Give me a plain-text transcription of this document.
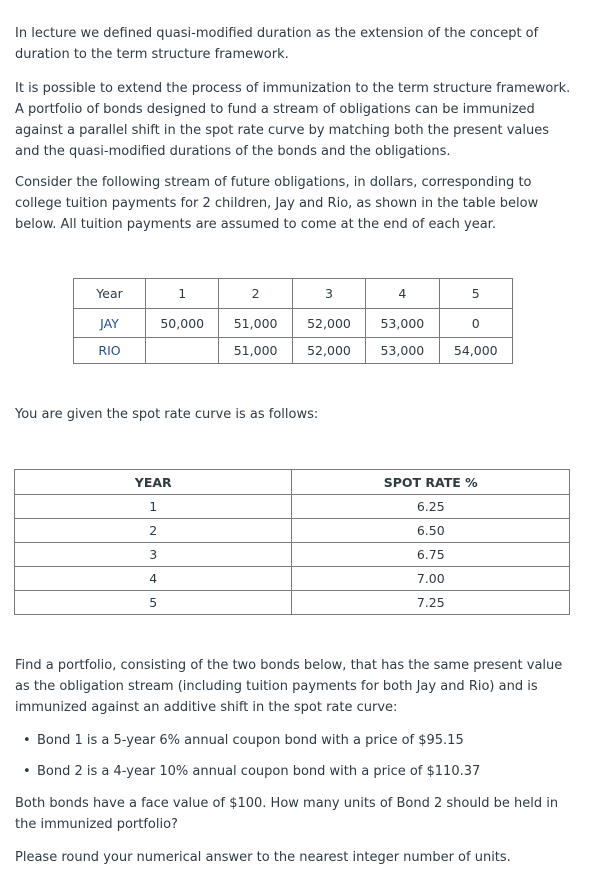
In lecture we defined quasi-modified duration as the extension of the concept of duration to the term structure framework.

It is possible to extend the process of immunization to the term structure framework. A portfolio of bonds designed to fund a stream of obligations can be immunized against a parallel shift in the spot rate curve by matching both the present values and the quasi-modified durations of the bonds and the obligations.

Consider the following stream of future obligations, in dollars, corresponding to college tuition payments for 2 children, Jay and Rio, as shown in the table below below. All tuition payments are assumed to come at the end of each year.

Year	1	2	3	4	5
JAY	50,000	51,000	52,000	53,000	0
RIO		51,000	52,000	53,000	54,000

You are given the spot rate curve is as follows:

YEAR	SPOT RATE %
1	6.25
2	6.50
3	6.75
4	7.00
5	7.25

Find a portfolio, consisting of the two bonds below, that has the same present value as the obligation stream (including tuition payments for both Jay and Rio) and is immunized against an additive shift in the spot rate curve:

• Bond 1 is a 5-year 6% annual coupon bond with a price of $95.15
• Bond 2 is a 4-year 10% annual coupon bond with a price of $110.37

Both bonds have a face value of $100. How many units of Bond 2 should be held in the immunized portfolio?

Please round your numerical answer to the nearest integer number of units.
